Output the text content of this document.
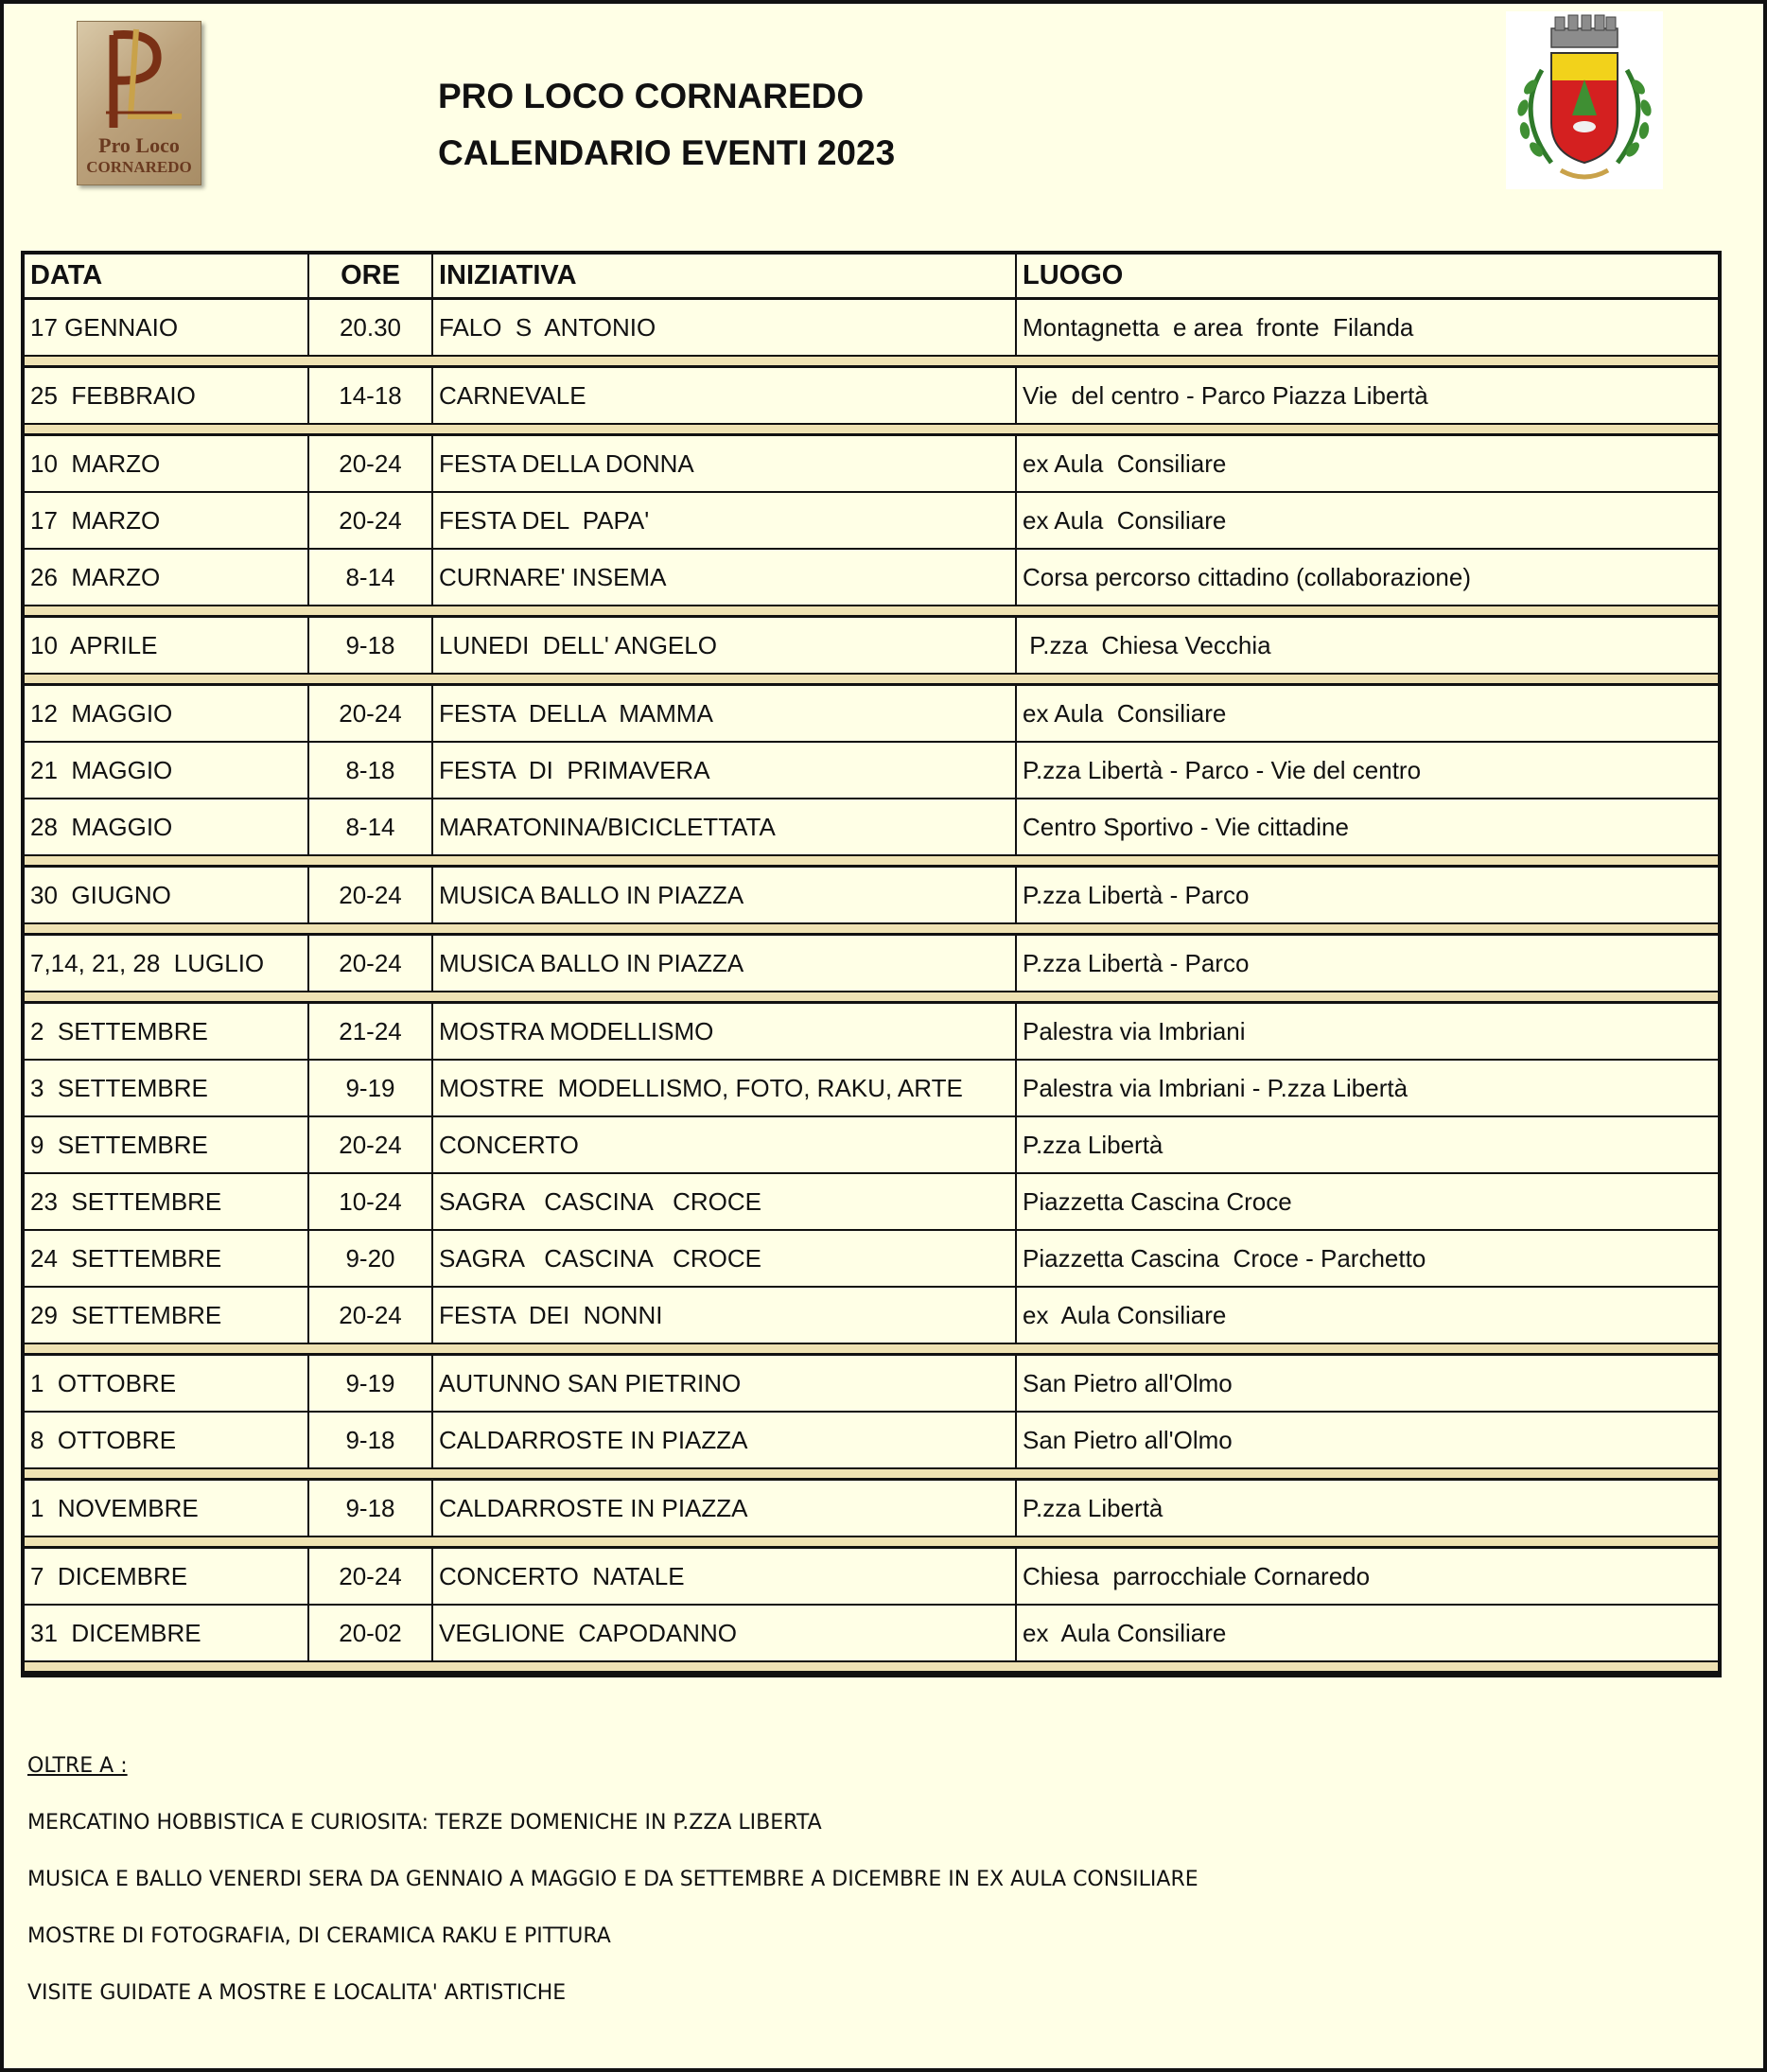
Pro Loco
CORNAREDO
PRO LOCO CORNAREDO
CALENDARIO EVENTI 2023
DATA	ORE	INIZIATIVA	LUOGO
17 GENNAIO	20.30	FALO  S  ANTONIO	Montagnetta  e area  fronte  Filanda
25  FEBBRAIO	14-18	CARNEVALE	Vie  del centro - Parco Piazza Libertà
10  MARZO	20-24	FESTA DELLA DONNA	ex Aula  Consiliare
17  MARZO	20-24	FESTA DEL  PAPA'	ex Aula  Consiliare
26  MARZO	8-14	CURNARE' INSEMA	Corsa percorso cittadino (collaborazione)
10  APRILE	9-18	LUNEDI  DELL' ANGELO	P.zza  Chiesa Vecchia
12  MAGGIO	20-24	FESTA  DELLA  MAMMA	ex Aula  Consiliare
21  MAGGIO	8-18	FESTA  DI  PRIMAVERA	P.zza Libertà - Parco - Vie del centro
28  MAGGIO	8-14	MARATONINA/BICICLETTATA	Centro Sportivo - Vie cittadine
30  GIUGNO	20-24	MUSICA BALLO IN PIAZZA	P.zza Libertà - Parco
7,14, 21, 28  LUGLIO	20-24	MUSICA BALLO IN PIAZZA	P.zza Libertà - Parco
2  SETTEMBRE	21-24	MOSTRA MODELLISMO	Palestra via Imbriani
3  SETTEMBRE	9-19	MOSTRE  MODELLISMO, FOTO, RAKU, ARTE	Palestra via Imbriani - P.zza Libertà
9  SETTEMBRE	20-24	CONCERTO	P.zza Libertà
23  SETTEMBRE	10-24	SAGRA   CASCINA   CROCE	Piazzetta Cascina Croce
24  SETTEMBRE	9-20	SAGRA   CASCINA   CROCE	Piazzetta Cascina  Croce - Parchetto
29  SETTEMBRE	20-24	FESTA  DEI  NONNI	ex  Aula Consiliare
1  OTTOBRE	9-19	AUTUNNO SAN PIETRINO	San Pietro all'Olmo
8  OTTOBRE	9-18	CALDARROSTE IN PIAZZA	San Pietro all'Olmo
1  NOVEMBRE	9-18	CALDARROSTE IN PIAZZA	P.zza Libertà
7  DICEMBRE	20-24	CONCERTO  NATALE	Chiesa  parrocchiale Cornaredo
31  DICEMBRE	20-02	VEGLIONE  CAPODANNO	ex  Aula Consiliare
OLTRE A :
MERCATINO HOBBISTICA E CURIOSITA: TERZE DOMENICHE IN P.ZZA LIBERTA
MUSICA E BALLO VENERDI SERA DA GENNAIO A MAGGIO E DA SETTEMBRE A DICEMBRE IN EX AULA CONSILIARE
MOSTRE DI FOTOGRAFIA, DI CERAMICA RAKU E PITTURA
VISITE GUIDATE A MOSTRE E LOCALITA' ARTISTICHE
